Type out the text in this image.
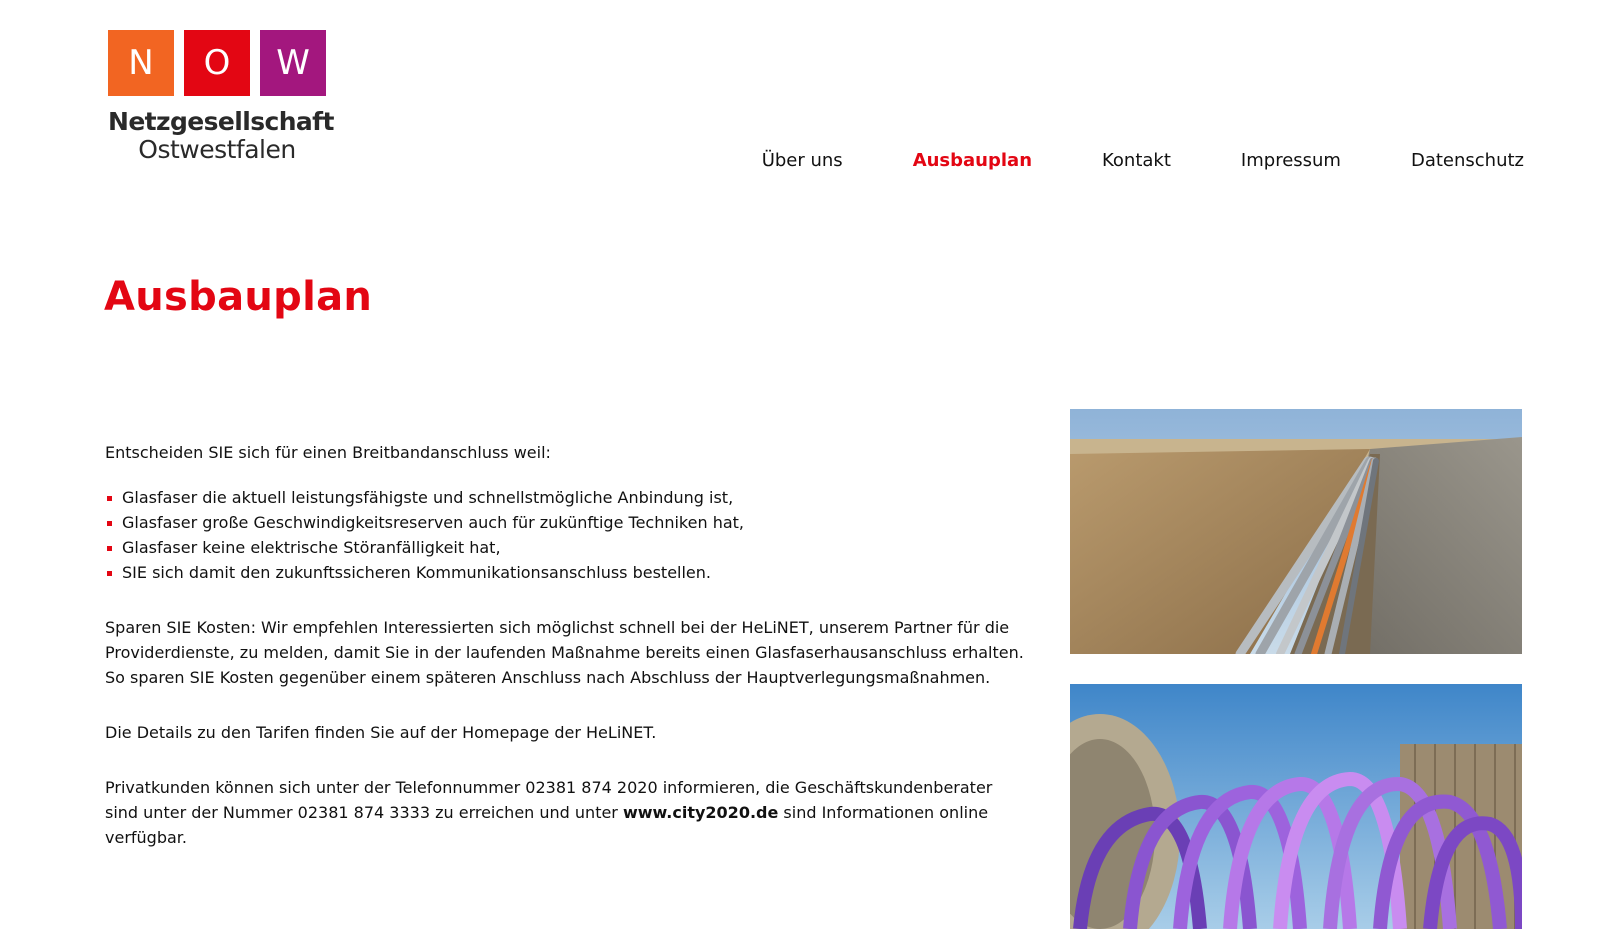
N	O	W
Netzgesellschaft
Ostwestfalen	Über uns	Ausbauplan	Kontakt	Impressum	Datenschutz
Ausbauplan

Entscheiden SIE sich für einen Breitbandanschluss weil:

Glasfaser die aktuell leistungsfähigste und schnellstmögliche Anbindung ist,
Glasfaser große Geschwindigkeitsreserven auch für zukünftige Techniken hat,
Glasfaser keine elektrische Störanfälligkeit hat,
SIE sich damit den zukunftssicheren Kommunikationsanschluss bestellen.

Sparen SIE Kosten: Wir empfehlen Interessierten sich möglichst schnell bei der HeLiNET, unserem Partner für die Providerdienste, zu melden, damit Sie in der laufenden Maßnahme bereits einen Glasfaserhausanschluss erhalten. So sparen SIE Kosten gegenüber einem späteren Anschluss nach Abschluss der Hauptverlegungsmaßnahmen.

Die Details zu den Tarifen finden Sie auf der Homepage der HeLiNET.

Privatkunden können sich unter der Telefonnummer 02381 874 2020 informieren, die Geschäftskundenberater sind unter der Nummer 02381 874 3333 zu erreichen und unter www.city2020.de sind Informationen online verfügbar.
